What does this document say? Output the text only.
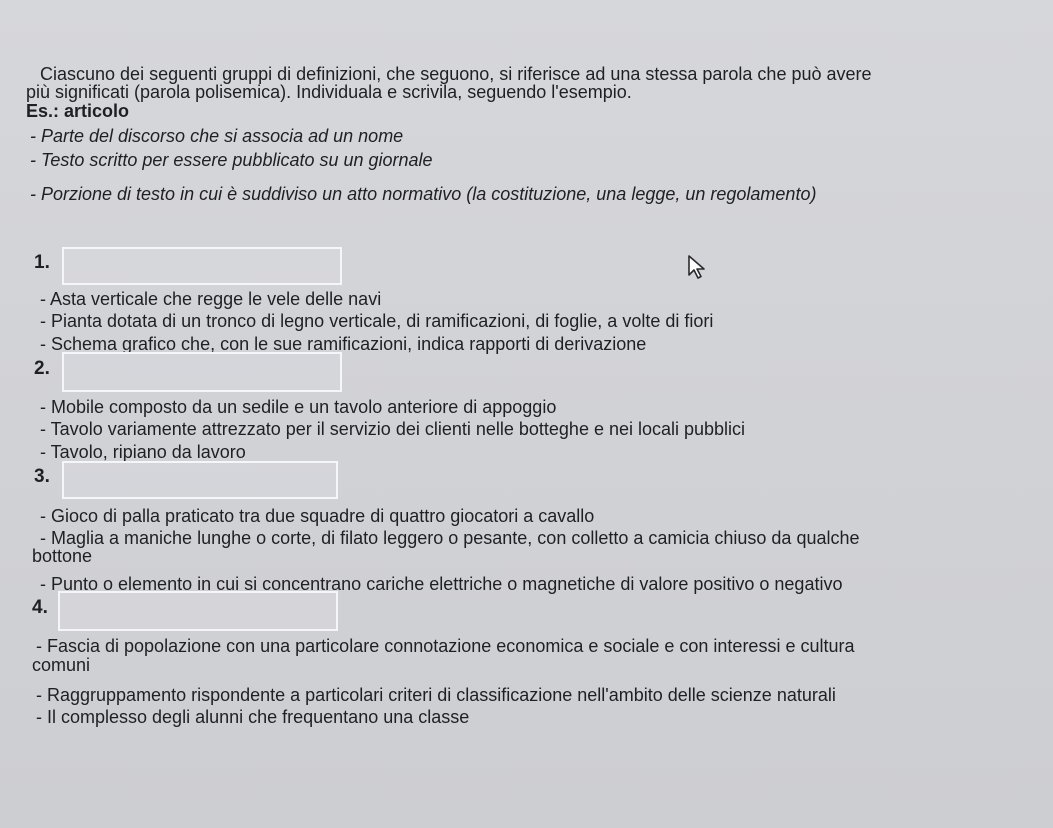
Ciascuno dei seguenti gruppi di definizioni, che seguono, si riferisce ad una stessa parola che può avere
più significati (parola polisemica). Individuala e scrivila, seguendo l'esempio.
Es.: articolo
- Parte del discorso che si associa ad un nome
- Testo scritto per essere pubblicato su un giornale
- Porzione di testo in cui è suddiviso un atto normativo (la costituzione, una legge, un regolamento)
1.
- Asta verticale che regge le vele delle navi
- Pianta dotata di un tronco di legno verticale, di ramificazioni, di foglie, a volte di fiori
- Schema grafico che, con le sue ramificazioni, indica rapporti di derivazione
2.
- Mobile composto da un sedile e un tavolo anteriore di appoggio
- Tavolo variamente attrezzato per il servizio dei clienti nelle botteghe e nei locali pubblici
- Tavolo, ripiano da lavoro
3.
- Gioco di palla praticato tra due squadre di quattro giocatori a cavallo
- Maglia a maniche lunghe o corte, di filato leggero o pesante, con colletto a camicia chiuso da qualche
bottone
- Punto o elemento in cui si concentrano cariche elettriche o magnetiche di valore positivo o negativo
4.
- Fascia di popolazione con una particolare connotazione economica e sociale e con interessi e cultura
comuni
- Raggruppamento rispondente a particolari criteri di classificazione nell'ambito delle scienze naturali
- Il complesso degli alunni che frequentano una classe
